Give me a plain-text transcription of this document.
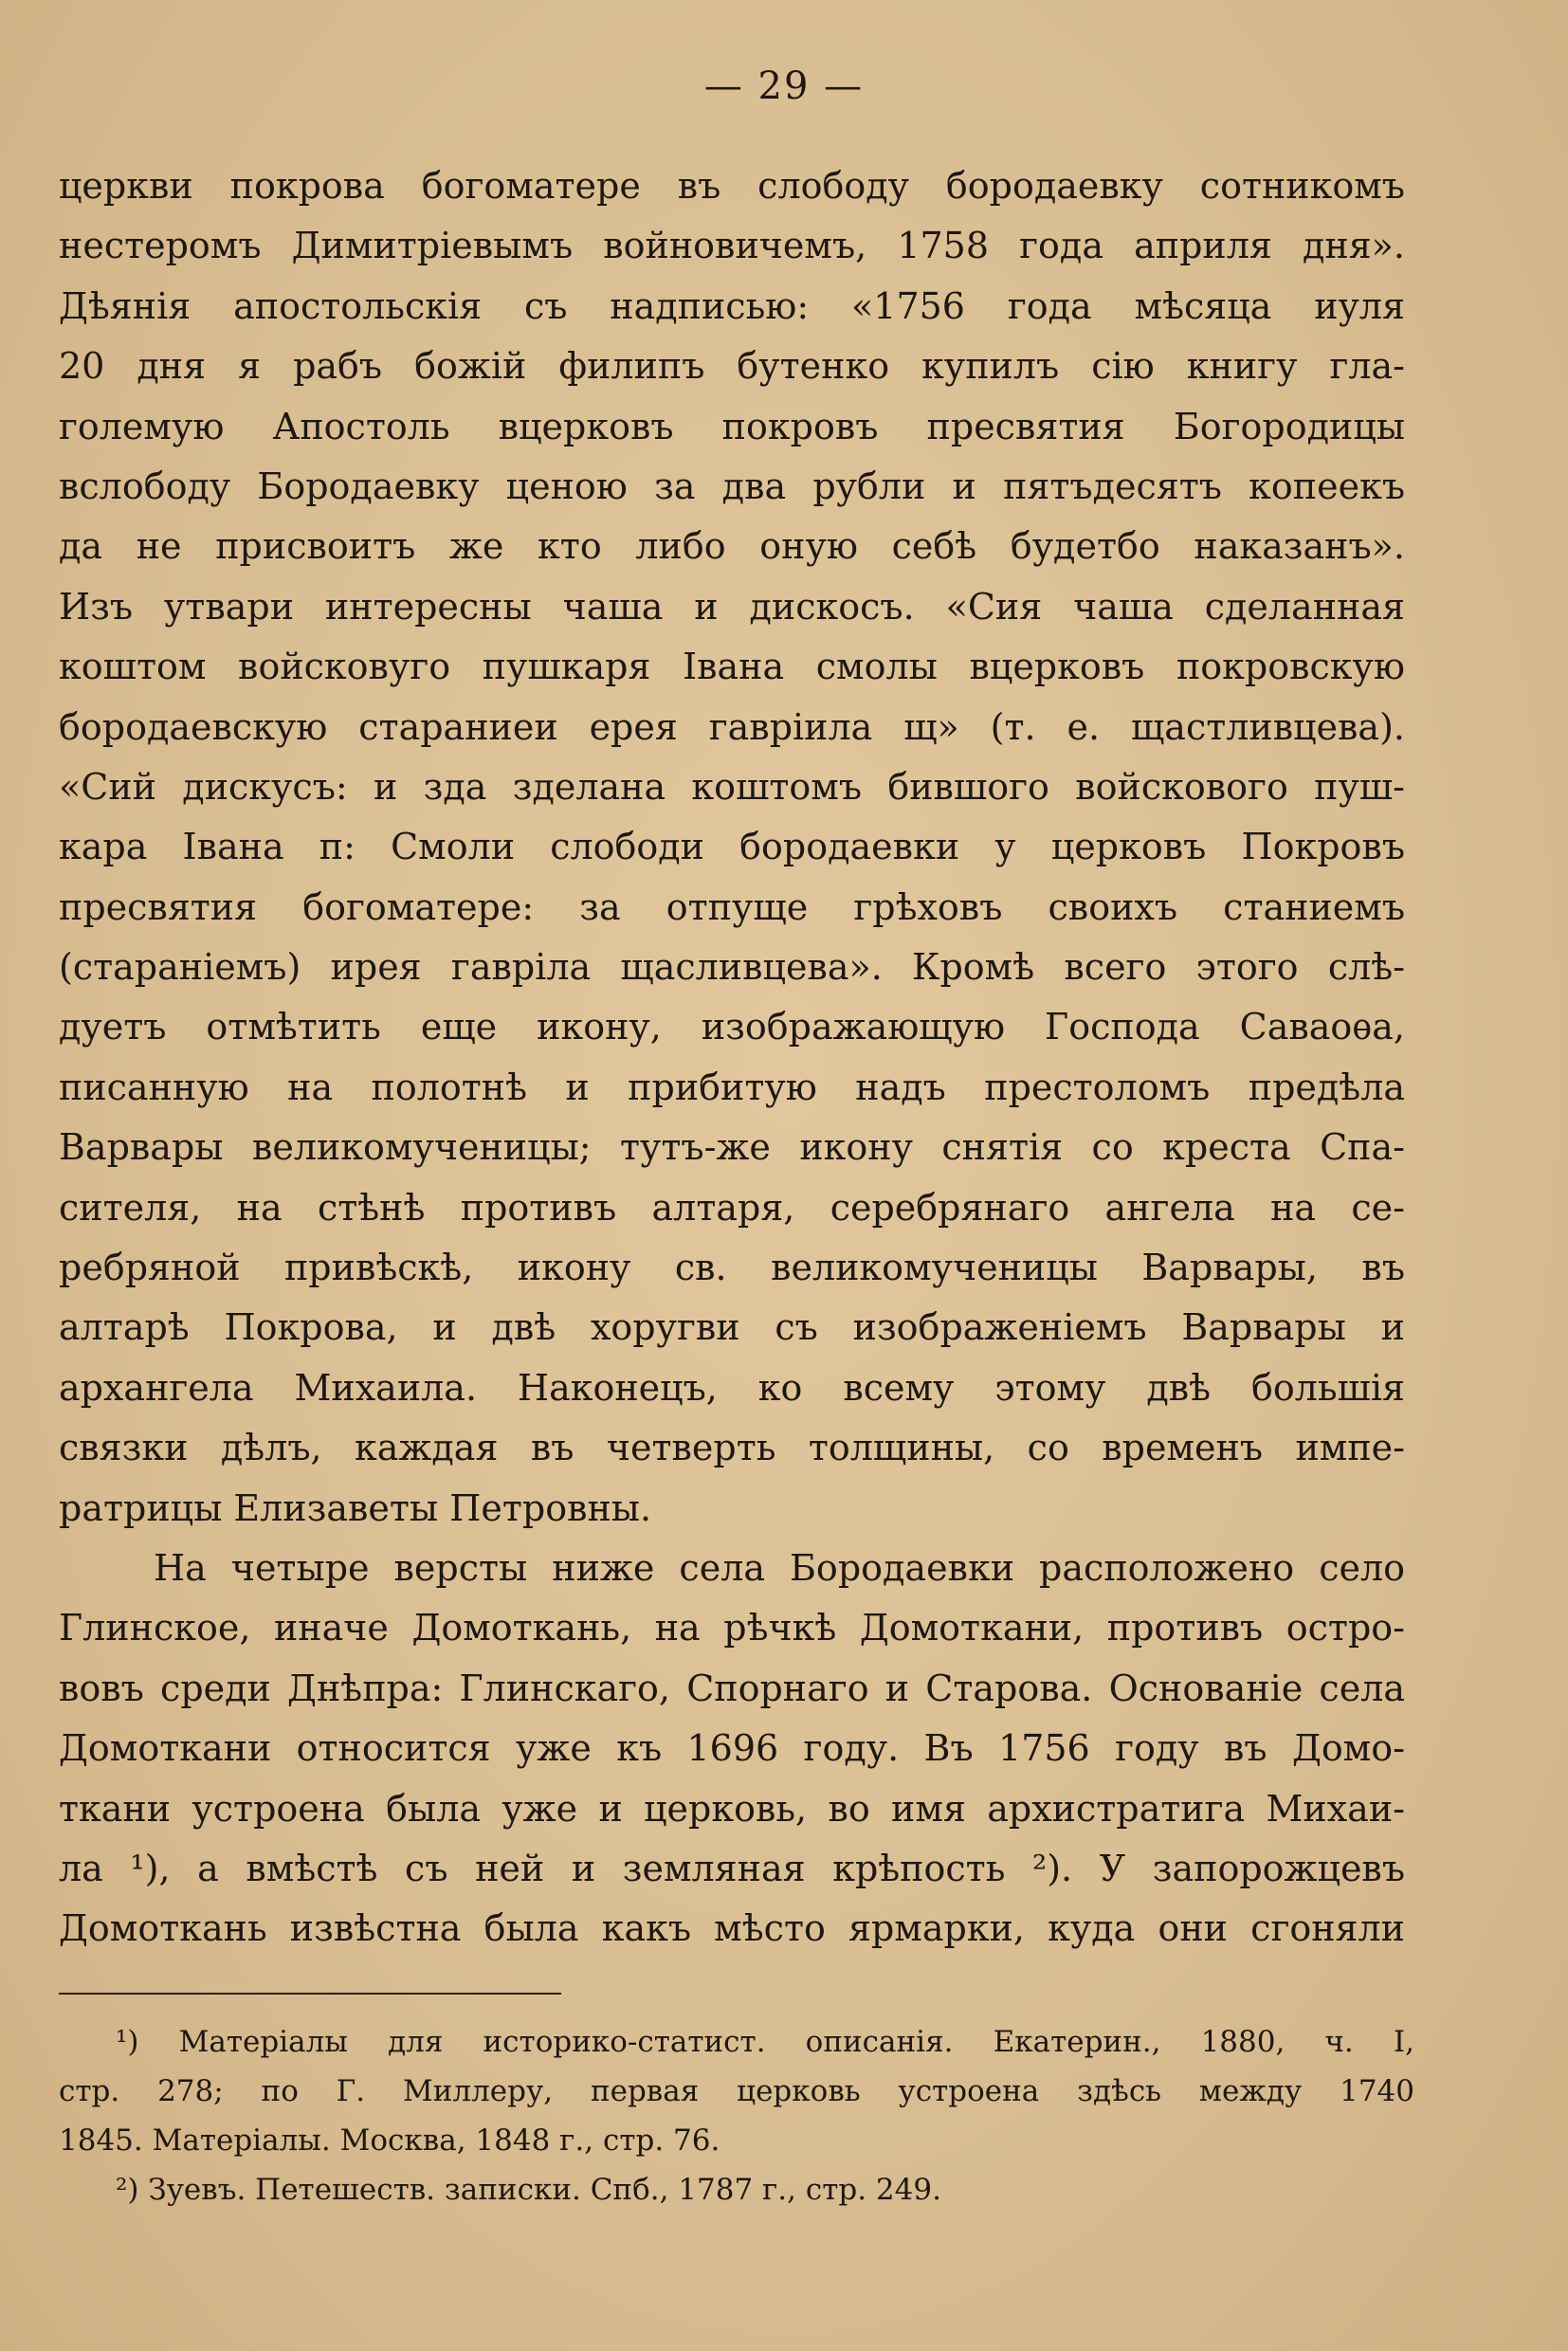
— 29 —
церкви покрова богоматере въ слободу бородаевку сотникомъ
нестеромъ Димитріевымъ войновичемъ, 1758 года априля дня».
Дѣянія апостольскія съ надписью: «1756 года мѣсяца иуля
20 дня я рабъ божій филипъ бутенко купилъ сію книгу гла-
големую Апостоль вцерковъ покровъ пресвятия Богородицы
вслободу Бородаевку ценою за два рубли и пятъдесятъ копеекъ
да не присвоитъ же кто либо оную себѣ будетбо наказанъ».
Изъ утвари интересны чаша и дискосъ. «Сия чаша сделанная
коштом войсковуго пушкаря Івана смолы вцерковъ покровскую
бородаевскую стараниеи ерея гавріила щ» (т. е. щастливцева).
«Сий дискусъ: и зда зделана коштомъ бившого войскового пуш-
кара Івана п: Смоли слободи бородаевки у церковъ Покровъ
пресвятия богоматере: за отпуще грѣховъ своихъ станиемъ
(стараніемъ) ирея гавріла щасливцева». Кромѣ всего этого слѣ-
дуетъ отмѣтить еще икону, изображающую Господа Саваоѳа,
писанную на полотнѣ и прибитую надъ престоломъ предѣла
Варвары великомученицы; тутъ-же икону снятія со креста Спа-
сителя, на стѣнѣ противъ алтаря, серебрянаго ангела на се-
ребряной привѣскѣ, икону св. великомученицы Варвары, въ
алтарѣ Покрова, и двѣ хоругви съ изображеніемъ Варвары и
архангела Михаила. Наконецъ, ко всему этому двѣ большія
связки дѣлъ, каждая въ четверть толщины, со временъ импе-
ратрицы Елизаветы Петровны.
На четыре версты ниже села Бородаевки расположено село
Глинское, иначе Домоткань, на рѣчкѣ Домоткани, противъ остро-
вовъ среди Днѣпра: Глинскаго, Спорнаго и Старова. Основаніе села
Домоткани относится уже къ 1696 году. Въ 1756 году въ Домо-
ткани устроена была уже и церковь, во имя архистратига Михаи-
ла ¹), а вмѣстѣ съ ней и земляная крѣпость ²). У запорожцевъ
Домоткань извѣстна была какъ мѣсто ярмарки, куда они сгоняли
¹) Матеріалы для историко-статист. описанія. Екатерин., 1880, ч. I,
стр. 278; по Г. Миллеру, первая церковь устроена здѣсь между 1740
1845. Матеріалы. Москва, 1848 г., стр. 76.
²) Зуевъ. Петешеств. записки. Спб., 1787 г., стр. 249.
